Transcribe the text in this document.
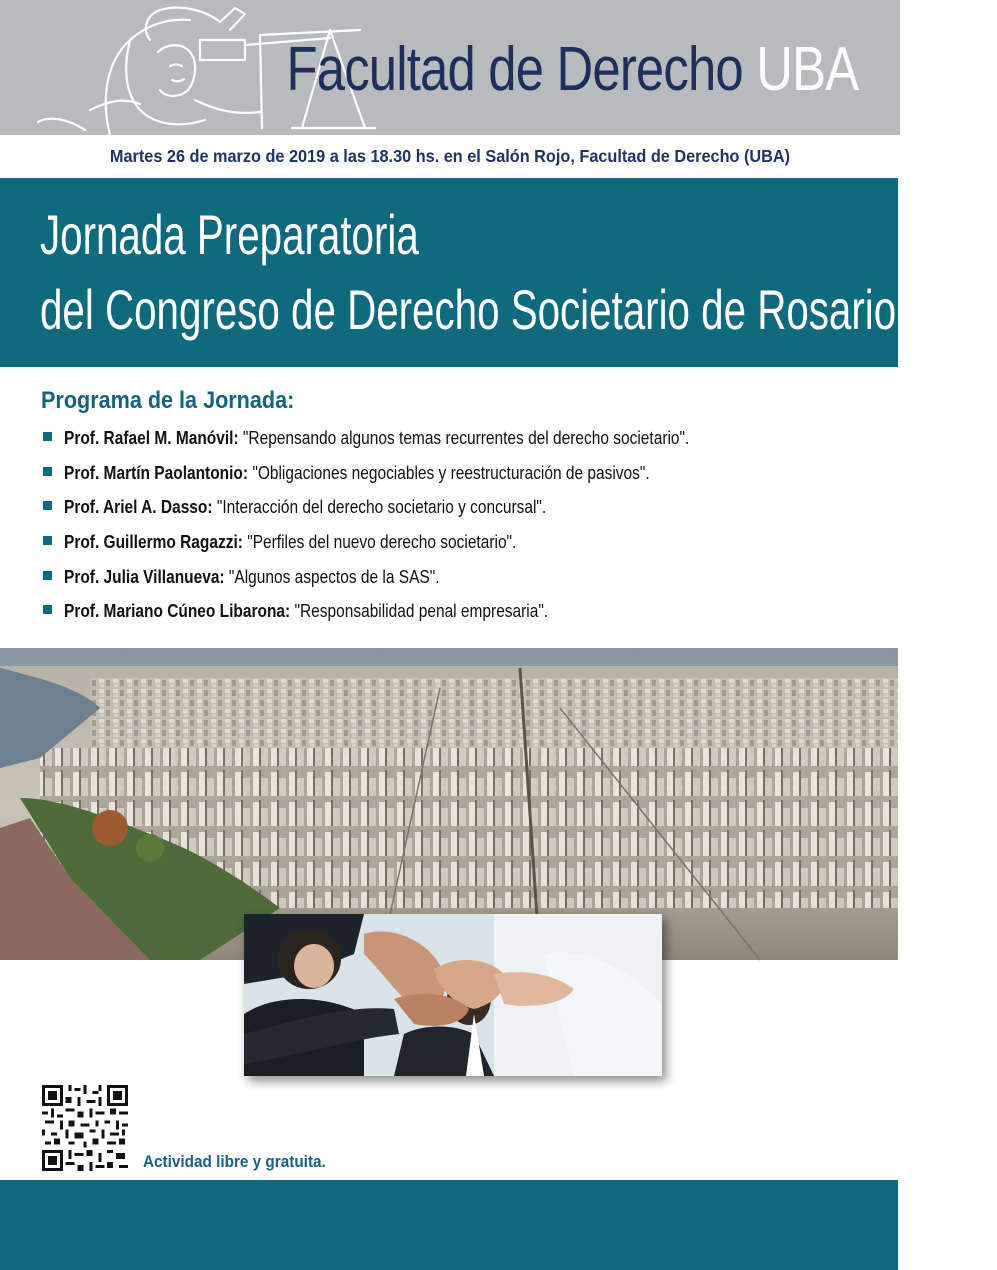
Facultad de Derecho UBA
Martes 26 de marzo de 2019 a las 18.30 hs. en el Salón Rojo, Facultad de Derecho (UBA)
Jornada Preparatoria
del Congreso de Derecho Societario de Rosario 2019
Programa de la Jornada:
Prof. Rafael M. Manóvil: "Repensando algunos temas recurrentes del derecho societario".
Prof. Martín Paolantonio: "Obligaciones negociables y reestructuración de pasivos".
Prof. Ariel A. Dasso: "Interacción del derecho societario y concursal".
Prof. Guillermo Ragazzi: "Perfiles del nuevo derecho societario".
Prof. Julia Villanueva: "Algunos aspectos de la SAS".
Prof. Mariano Cúneo Libarona: "Responsabilidad penal empresaria".
Actividad libre y gratuita.
